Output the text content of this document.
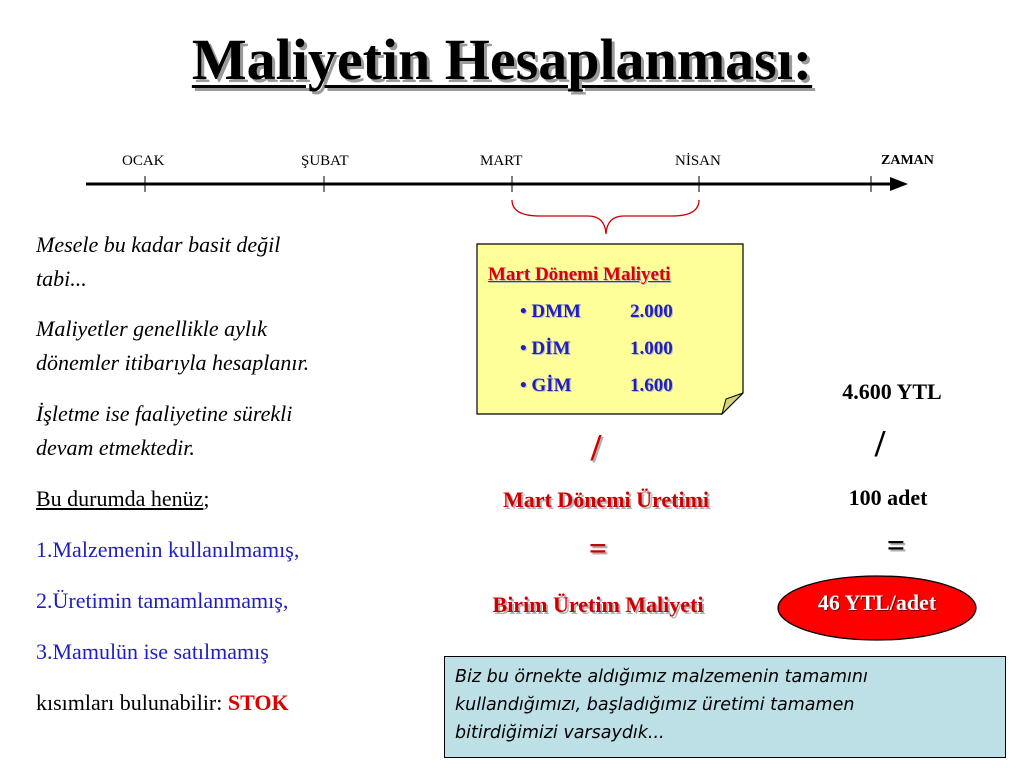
Maliyetin Hesaplanması:
OCAK	ŞUBAT	MART	NİSAN	ZAMAN
Mesele bu kadar basit değil
tabi...
Maliyetler genellikle aylık
dönemler itibarıyla hesaplanır.
İşletme ise faaliyetine sürekli
devam etmektedir.
Bu durumda henüz;
1.Malzemenin kullanılmamış,
2.Üretimin tamamlanmamış,
3.Mamulün ise satılmamış
kısımları bulunabilir: STOK
Mart Dönemi Maliyeti
• DMM	2.000
• DİM	1.000
• GİM	1.600
/
Mart Dönemi Üretimi
=
Birim Üretim Maliyeti
4.600 YTL
/
100 adet
=
46 YTL/adet
Biz bu örnekte aldığımız malzemenin tamamını
kullandığımızı, başladığımız üretimi tamamen
bitirdiğimizi varsaydık...
